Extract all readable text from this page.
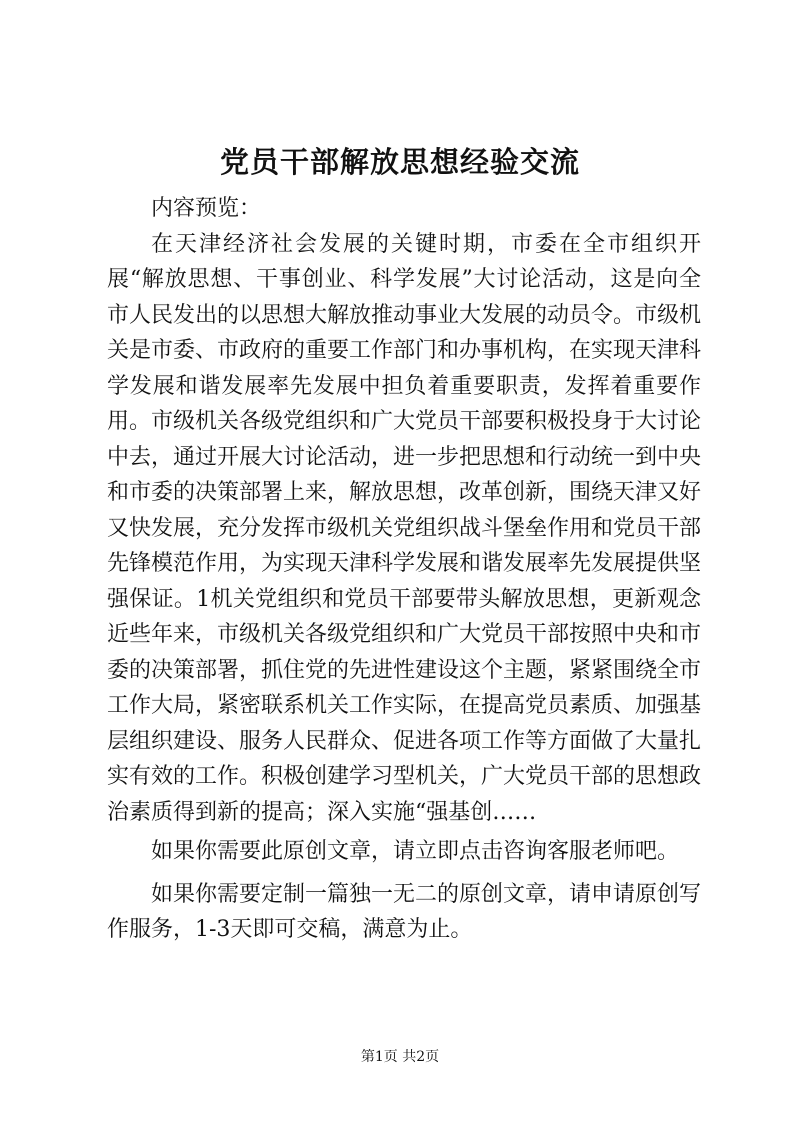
党员干部解放思想经验交流

内容预览：

在天津经济社会发展的关键时期，市委在全市组织开展“解放思想、干事创业、科学发展”大讨论活动，这是向全市人民发出的以思想大解放推动事业大发展的动员令。市级机关是市委、市政府的重要工作部门和办事机构，在实现天津科学发展和谐发展率先发展中担负着重要职责，发挥着重要作用。市级机关各级党组织和广大党员干部要积极投身于大讨论中去，通过开展大讨论活动，进一步把思想和行动统一到中央和市委的决策部署上来，解放思想，改革创新，围绕天津又好又快发展，充分发挥市级机关党组织战斗堡垒作用和党员干部先锋模范作用，为实现天津科学发展和谐发展率先发展提供坚强保证。1机关党组织和党员干部要带头解放思想，更新观念近些年来，市级机关各级党组织和广大党员干部按照中央和市委的决策部署，抓住党的先进性建设这个主题，紧紧围绕全市工作大局，紧密联系机关工作实际，在提高党员素质、加强基层组织建设、服务人民群众、促进各项工作等方面做了大量扎实有效的工作。积极创建学习型机关，广大党员干部的思想政治素质得到新的提高；深入实施“强基创……

如果你需要此原创文章，请立即点击咨询客服老师吧。

如果你需要定制一篇独一无二的原创文章，请申请原创写作服务，1-3天即可交稿，满意为止。

第1页 共2页
